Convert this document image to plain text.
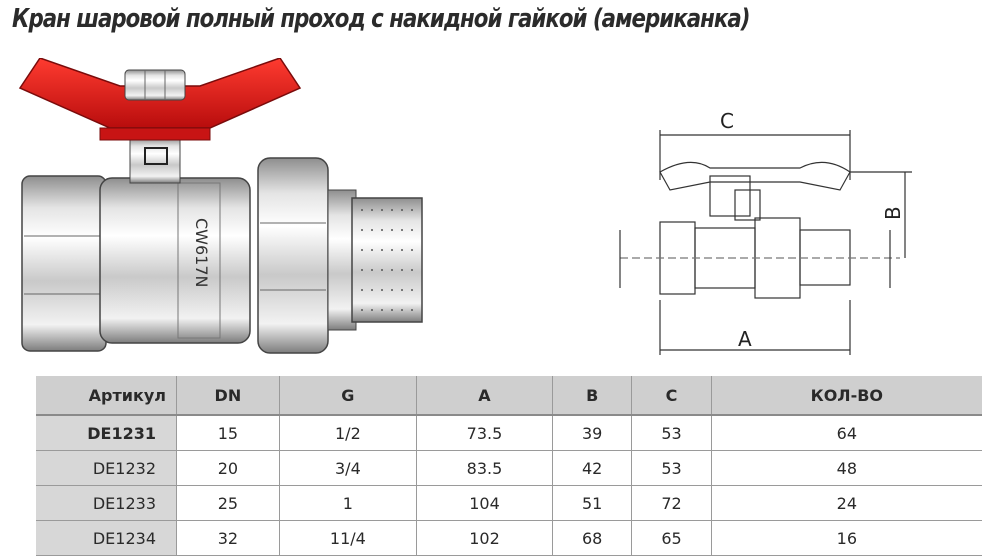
Кран шаровой полный проход с накидной гайкой (американка)
CW617N
C
A
B
Артикул	DN	G	A	B	C	КОЛ-ВО
DE1231	15	1/2	73.5	39	53	64
DE1232	20	3/4	83.5	42	53	48
DE1233	25	1	104	51	72	24
DE1234	32	11/4	102	68	65	16
